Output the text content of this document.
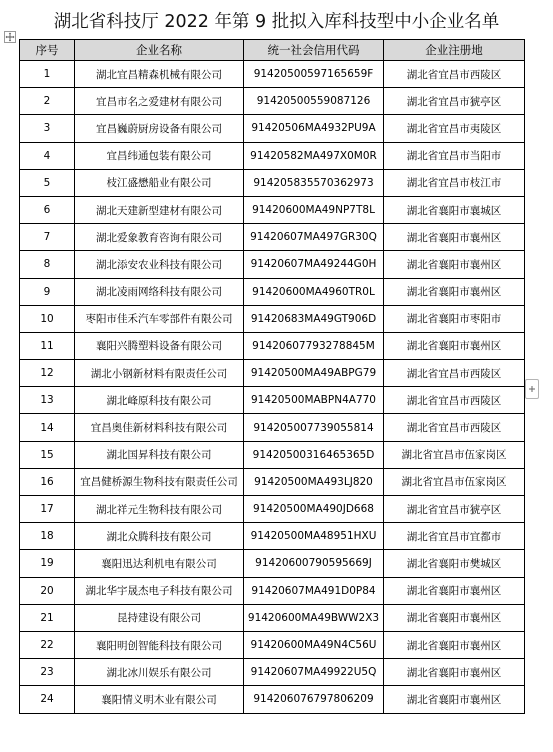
湖北省科技厅 2022 年第 9 批拟入库科技型中小企业名单
序号	企业名称	统一社会信用代码	企业注册地
1	湖北宜昌精森机械有限公司	91420500597165659F	湖北省宜昌市西陵区
2	宜昌市名之爱建材有限公司	91420500559087126	湖北省宜昌市猇亭区
3	宜昌巍蔚厨房设备有限公司	91420506MA4932PU9A	湖北省宜昌市夷陵区
4	宜昌纬通包装有限公司	91420582MA497X0M0R	湖北省宜昌市当阳市
5	枝江盛懋船业有限公司	914205835570362973	湖北省宜昌市枝江市
6	湖北天建新型建材有限公司	91420600MA49NP7T8L	湖北省襄阳市襄城区
7	湖北爱象教育咨询有限公司	91420607MA497GR30Q	湖北省襄阳市襄州区
8	湖北添安农业科技有限公司	91420607MA49244G0H	湖北省襄阳市襄州区
9	湖北凌雨网络科技有限公司	91420600MA4960TR0L	湖北省襄阳市襄州区
10	枣阳市佳禾汽车零部件有限公司	91420683MA49GT906D	湖北省襄阳市枣阳市
11	襄阳兴腾塑料设备有限公司	91420607793278845M	湖北省襄阳市襄州区
12	湖北小钢新材料有限责任公司	91420500MA49ABPG79	湖北省宜昌市西陵区
13	湖北峰原科技有限公司	91420500MABPN4A770	湖北省宜昌市西陵区
14	宜昌奥佳新材料科技有限公司	91420500773905581​4	湖北省宜昌市西陵区
15	湖北国昇科技有限公司	91420500316465365D	湖北省宜昌市伍家岗区
16	宜昌健桥源生物科技有限责任公司	91420500MA493LJ820	湖北省宜昌市伍家岗区
17	湖北祥元生物科技有限公司	91420500MA490JD668	湖北省宜昌市猇亭区
18	湖北众腾科技有限公司	91420500MA48951HXU	湖北省宜昌市宜都市
19	襄阳迅达利机电有限公司	91420600790595669J	湖北省襄阳市樊城区
20	湖北华宇晟杰电子科技有限公司	91420607MA491D0P84	湖北省襄阳市襄州区
21	昆持建设有限公司	91420600MA49BWW2X3	湖北省襄阳市襄州区
22	襄阳明创智能科技有限公司	91420600MA49N4C56U	湖北省襄阳市襄州区
23	湖北冰川娱乐有限公司	91420607MA49922U5Q	湖北省襄阳市襄州区
24	襄阳情义明木业有限公司	91420607679780620​9	湖北省襄阳市襄州区
